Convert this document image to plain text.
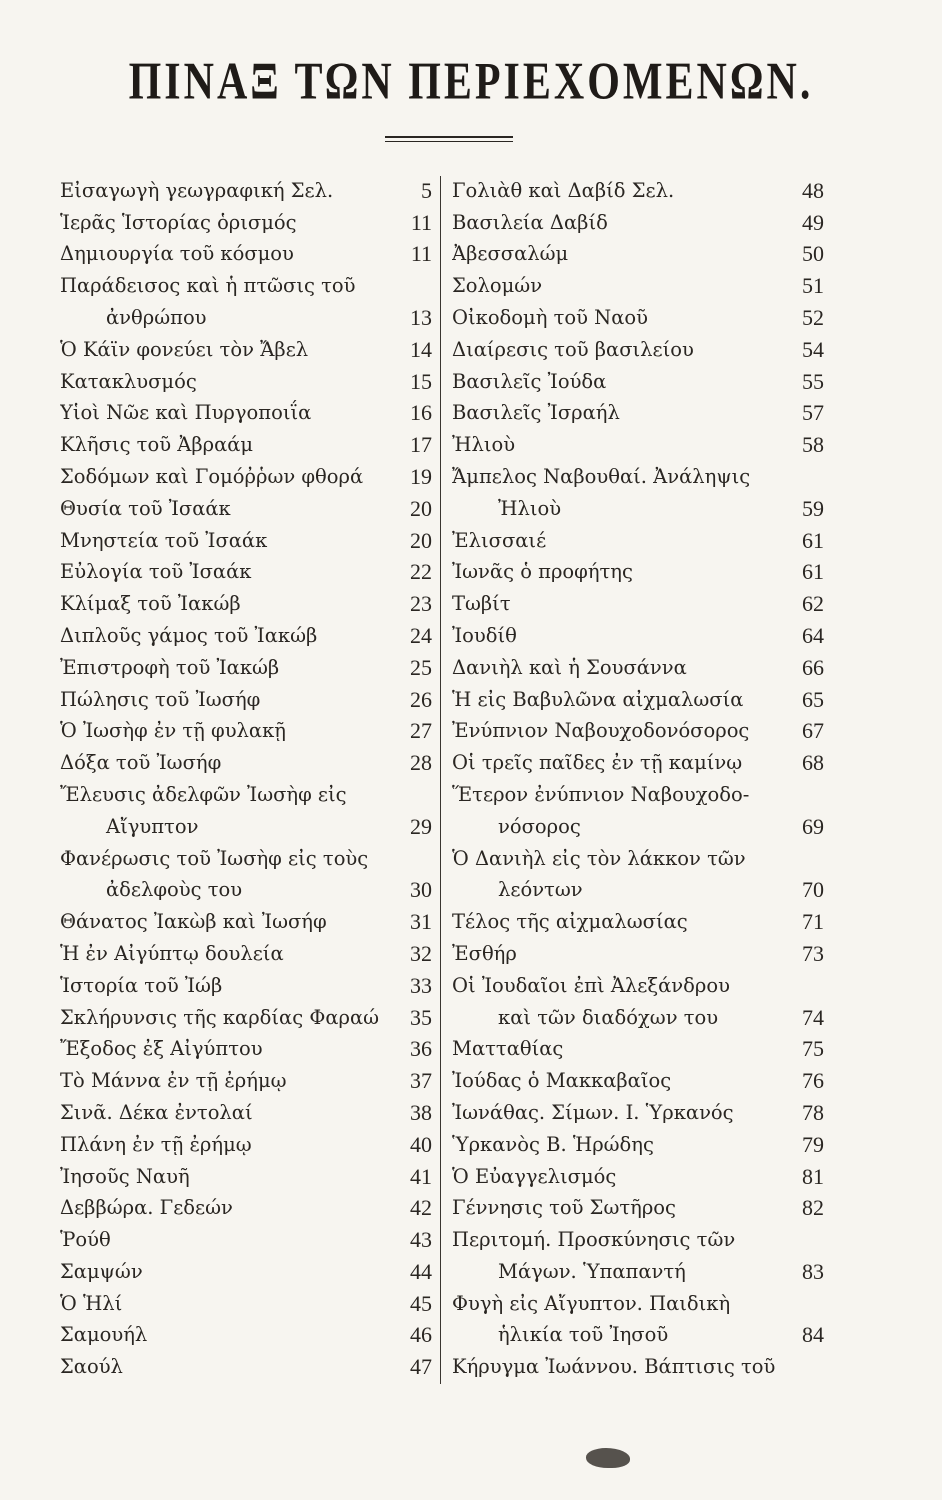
ΠΙΝΑΞ ΤΩΝ ΠΕΡΙΕΧΟΜΕΝΩΝ.
Εἰσαγωγὴ γεωγραφική Σελ.	5
Ἱερᾶς Ἱστορίας ὁρισμός	11
Δημιουργία τοῦ κόσμου	11
Παράδεισος καὶ ἡ πτῶσις τοῦ
ἀνθρώπου	13
Ὁ Κάϊν φονεύει τὸν Ἄβελ	14
Κατακλυσμός	15
Υἱοὶ Νῶε καὶ Πυργοποιΐα	16
Κλῆσις τοῦ Ἀβραάμ	17
Σοδόμων καὶ Γομόῤῥων φθορά	19
Θυσία τοῦ Ἰσαάκ	20
Μνηστεία τοῦ Ἰσαάκ	20
Εὐλογία τοῦ Ἰσαάκ	22
Κλίμαξ τοῦ Ἰακώβ	23
Διπλοῦς γάμος τοῦ Ἰακώβ	24
Ἐπιστροφὴ τοῦ Ἰακώβ	25
Πώλησις τοῦ Ἰωσήφ	26
Ὁ Ἰωσὴφ ἐν τῇ φυλακῇ	27
Δόξα τοῦ Ἰωσήφ	28
Ἔλευσις ἀδελφῶν Ἰωσὴφ εἰς
Αἴγυπτον	29
Φανέρωσις τοῦ Ἰωσὴφ εἰς τοὺς
ἀδελφοὺς του	30
Θάνατος Ἰακὼβ καὶ Ἰωσήφ	31
Ἡ ἐν Αἰγύπτῳ δουλεία	32
Ἱστορία τοῦ Ἰώβ	33
Σκλήρυνσις τῆς καρδίας Φαραώ	35
Ἔξοδος ἐξ Αἰγύπτου	36
Τὸ Μάννα ἐν τῇ ἐρήμῳ	37
Σινᾶ. Δέκα ἐντολαί	38
Πλάνη ἐν τῇ ἐρήμῳ	40
Ἰησοῦς Ναυῆ	41
Δεββώρα. Γεδεών	42
Ῥούθ	43
Σαμψών	44
Ὁ Ἡλί	45
Σαμουήλ	46
Σαούλ	47
Γολιὰθ καὶ Δαβίδ Σελ.	48
Βασιλεία Δαβίδ	49
Ἀβεσσαλώμ	50
Σολομών	51
Οἰκοδομὴ τοῦ Ναοῦ	52
Διαίρεσις τοῦ βασιλείου	54
Βασιλεῖς Ἰούδα	55
Βασιλεῖς Ἰσραήλ	57
Ἠλιοὺ	58
Ἄμπελος Ναβουθαί. Ἀνάληψις
Ἠλιοὺ	59
Ἐλισσαιέ	61
Ἰωνᾶς ὁ προφήτης	61
Τωβίτ	62
Ἰουδίθ	64
Δανιὴλ καὶ ἡ Σουσάννα	66
Ἡ εἰς Βαβυλῶνα αἰχμαλωσία	65
Ἐνύπνιον Ναβουχοδονόσορος	67
Οἱ τρεῖς παῖδες ἐν τῇ καμίνῳ	68
Ἕτερον ἐνύπνιον Ναβουχοδο-
νόσορος	69
Ὁ Δανιὴλ εἰς τὸν λάκκον τῶν
λεόντων	70
Τέλος τῆς αἰχμαλωσίας	71
Ἐσθήρ	73
Οἱ Ἰουδαῖοι ἐπὶ Ἀλεξάνδρου
καὶ τῶν διαδόχων του	74
Ματταθίας	75
Ἰούδας ὁ Μακκαβαῖος	76
Ἰωνάθας. Σίμων. Ι. Ὑρκανός	78
Ὑρκανὸς Β. Ἡρώδης	79
Ὁ Εὐαγγελισμός	81
Γέννησις τοῦ Σωτῆρος	82
Περιτομή. Προσκύνησις τῶν
Μάγων. Ὑπαπαντή	83
Φυγὴ εἰς Αἴγυπτον. Παιδικὴ
ἡλικία τοῦ Ἰησοῦ	84
Κήρυγμα Ἰωάννου. Βάπτισις τοῦ
